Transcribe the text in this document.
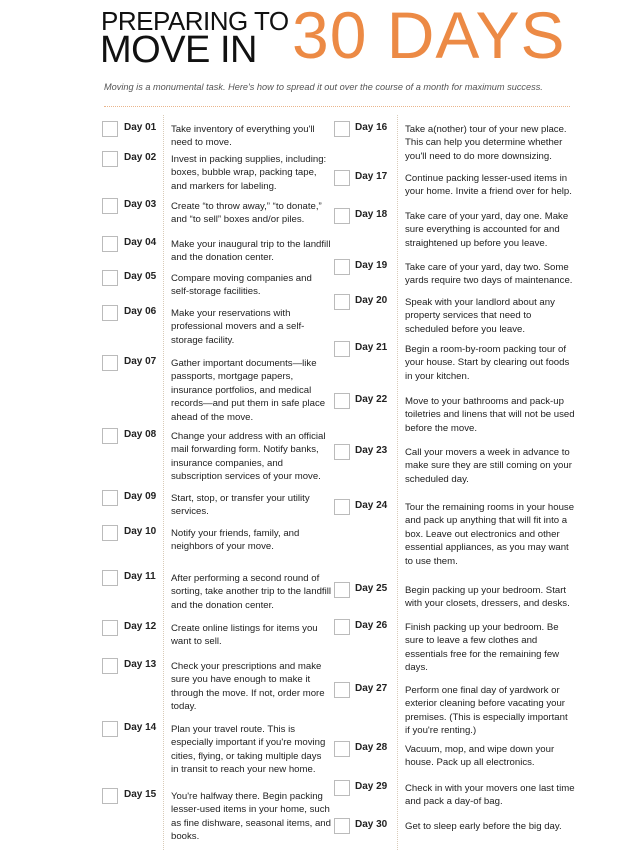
PREPARING TO
MOVE IN 30 DAYS
Moving is a monumental task. Here's how to spread it out over the course of a month for maximum success.
Day 01 Take inventory of everything you'll need to move.
Day 02 Invest in packing supplies, including: boxes, bubble wrap, packing tape, and markers for labeling.
Day 03 Create “to throw away,” “to donate,” and “to sell” boxes and/or piles.
Day 04 Make your inaugural trip to the landfill and the donation center.
Day 05 Compare moving companies and self-storage facilities.
Day 06 Make your reservations with professional movers and a self-storage facility.
Day 07 Gather important documents—like passports, mortgage papers, insurance portfolios, and medical records—and put them in safe place ahead of the move.
Day 08 Change your address with an official mail forwarding form. Notify banks, insurance companies, and subscription services of your move.
Day 09 Start, stop, or transfer your utility services.
Day 10 Notify your friends, family, and neighbors of your move.
Day 11 After performing a second round of sorting, take another trip to the landfill and the donation center.
Day 12 Create online listings for items you want to sell.
Day 13 Check your prescriptions and make sure you have enough to make it through the move. If not, order more today.
Day 14 Plan your travel route. This is especially important if you're moving cities, flying, or taking multiple days in transit to reach your new home.
Day 15 You're halfway there. Begin packing lesser-used items in your home, such as fine dishware, seasonal items, and books.
Day 16 Take a(nother) tour of your new place. This can help you determine whether you'll need to do more downsizing.
Day 17 Continue packing lesser-used items in your home. Invite a friend over for help.
Day 18 Take care of your yard, day one. Make sure everything is accounted for and straightened up before you leave.
Day 19 Take care of your yard, day two. Some yards require two days of maintenance.
Day 20 Speak with your landlord about any property services that need to scheduled before you leave.
Day 21 Begin a room-by-room packing tour of your house. Start by clearing out foods in your kitchen.
Day 22 Move to your bathrooms and pack-up toiletries and linens that will not be used before the move.
Day 23 Call your movers a week in advance to make sure they are still coming on your scheduled day.
Day 24 Tour the remaining rooms in your house and pack up anything that will fit into a box. Leave out electronics and other essential appliances, as you may want to use them.
Day 25 Begin packing up your bedroom. Start with your closets, dressers, and desks.
Day 26 Finish packing up your bedroom. Be sure to leave a few clothes and essentials free for the remaining few days.
Day 27 Perform one final day of yardwork or exterior cleaning before vacating your premises. (This is especially important if you're renting.)
Day 28 Vacuum, mop, and wipe down your house. Pack up all electronics.
Day 29 Check in with your movers one last time and pack a day-of bag.
Day 30 Get to sleep early before the big day.
